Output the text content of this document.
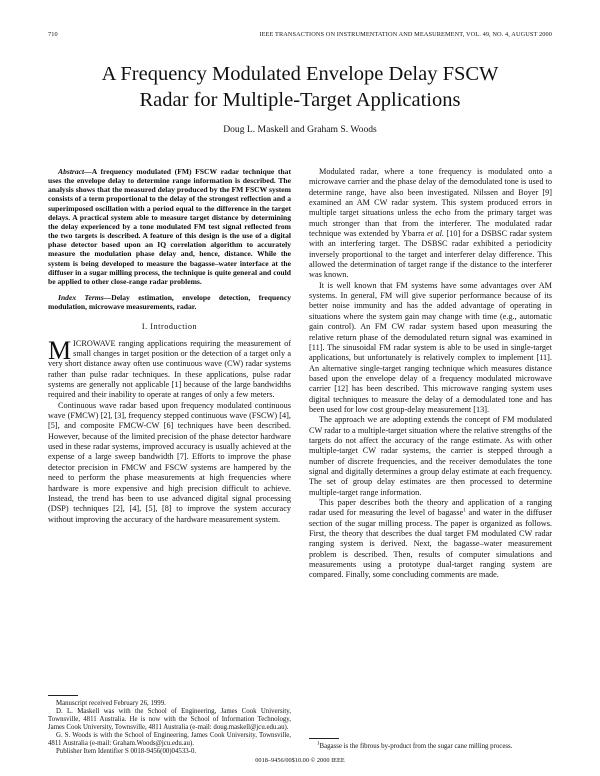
710	IEEE TRANSACTIONS ON INSTRUMENTATION AND MEASUREMENT, VOL. 49, NO. 4, AUGUST 2000
A Frequency Modulated Envelope Delay FSCW
Radar for Multiple-Target Applications
Doug L. Maskell and Graham S. Woods

Abstract—A frequency modulated (FM) FSCW radar technique that uses the envelope delay to determine range information is described. The analysis shows that the measured delay produced by the FM FSCW system consists of a term proportional to the delay of the strongest reflection and a superimposed oscillation with a period equal to the difference in the target delays. A practical system able to measure target distance by determining the delay experienced by a tone modulated FM test signal reflected from the two targets is described. A feature of this design is the use of a digital phase detector based upon an IQ correlation algorithm to accurately measure the modulation phase delay and, hence, distance. While the system is being developed to measure the bagasse–water interface at the diffuser in a sugar milling process, the technique is quite general and could be applied to other close-range radar problems.

Index Terms—Delay estimation, envelope detection, frequency modulation, microwave measurements, radar.

I. Introduction

MICROWAVE ranging applications requiring the measurement of small changes in target position or the detection of a target only a very short distance away often use continuous wave (CW) radar systems rather than pulse radar techniques. In these applications, pulse radar systems are generally not applicable [1] because of the large bandwidths required and their inability to operate at ranges of only a few meters.

Continuous wave radar based upon frequency modulated continuous wave (FMCW) [2], [3], frequency stepped continuous wave (FSCW) [4], [5], and composite FMCW-CW [6] techniques have been described. However, because of the limited precision of the phase detector hardware used in these radar systems, improved accuracy is usually achieved at the expense of a large sweep bandwidth [7]. Efforts to improve the phase detector precision in FMCW and FSCW systems are hampered by the need to perform the phase measurements at high frequencies where hardware is more expensive and high precision difficult to achieve. Instead, the trend has been to use advanced digital signal processing (DSP) techniques [2], [4], [5], [8] to improve the system accuracy without improving the accuracy of the hardware measurement system.

Manuscript received February 26, 1999.

D. L. Maskell was with the School of Engineering, James Cook University, Townsville, 4811 Australia. He is now with the School of Information Technology, James Cook University, Townsville, 4811 Australia (e-mail: doug.maskell@jcu.edu.au).

G. S. Woods is with the School of Engineering, James Cook University, Townsville, 4811 Australia (e-mail: Graham.Woods@jcu.edu.au).

Publisher Item Identifier S 0018-9456(00)04533-0.

Modulated radar, where a tone frequency is modulated onto a microwave carrier and the phase delay of the demodulated tone is used to determine range, have also been investigated. Nilssen and Boyer [9] examined an AM CW radar system. This system produced errors in multiple target situations unless the echo from the primary target was much stronger than that from the interferer. The modulated radar technique was extended by Ybarra et al. [10] for a DSBSC radar system with an interfering target. The DSBSC radar exhibited a periodicity inversely proportional to the target and interferer delay difference. This allowed the determination of target range if the distance to the interferer was known.

It is well known that FM systems have some advantages over AM systems. In general, FM will give superior performance because of its better noise immunity and has the added advantage of operating in situations where the system gain may change with time (e.g., automatic gain control). An FM CW radar system based upon measuring the relative return phase of the demodulated return signal was examined in [11]. The sinusoidal FM radar system is able to be used in single-target applications, but unfortunately is relatively complex to implement [11]. An alternative single-target ranging technique which measures distance based upon the envelope delay of a frequency modulated microwave carrier [12] has been described. This microwave ranging system uses digital techniques to measure the delay of a demodulated tone and has been used for low cost group-delay measurement [13].

The approach we are adopting extends the concept of FM modulated CW radar to a multiple-target situation where the relative strengths of the targets do not affect the accuracy of the range estimate. As with other multiple-target CW radar systems, the carrier is stepped through a number of discrete frequencies, and the receiver demodulates the tone signal and digitally determines a group delay estimate at each frequency. The set of group delay estimates are then processed to determine multiple-target range information.

This paper describes both the theory and application of a ranging radar used for measuring the level of bagasse$^1$ and water in the diffuser section of the sugar milling process. The paper is organized as follows. First, the theory that describes the dual target FM modulated CW radar ranging system is derived. Next, the bagasse–water measurement problem is described. Then, results of computer simulations and measurements using a prototype dual-target ranging system are compared. Finally, some concluding comments are made.

$^1$Bagasse is the fibrous by-product from the sugar cane milling process.

0018–9456/00$10.00 © 2000 IEEE
